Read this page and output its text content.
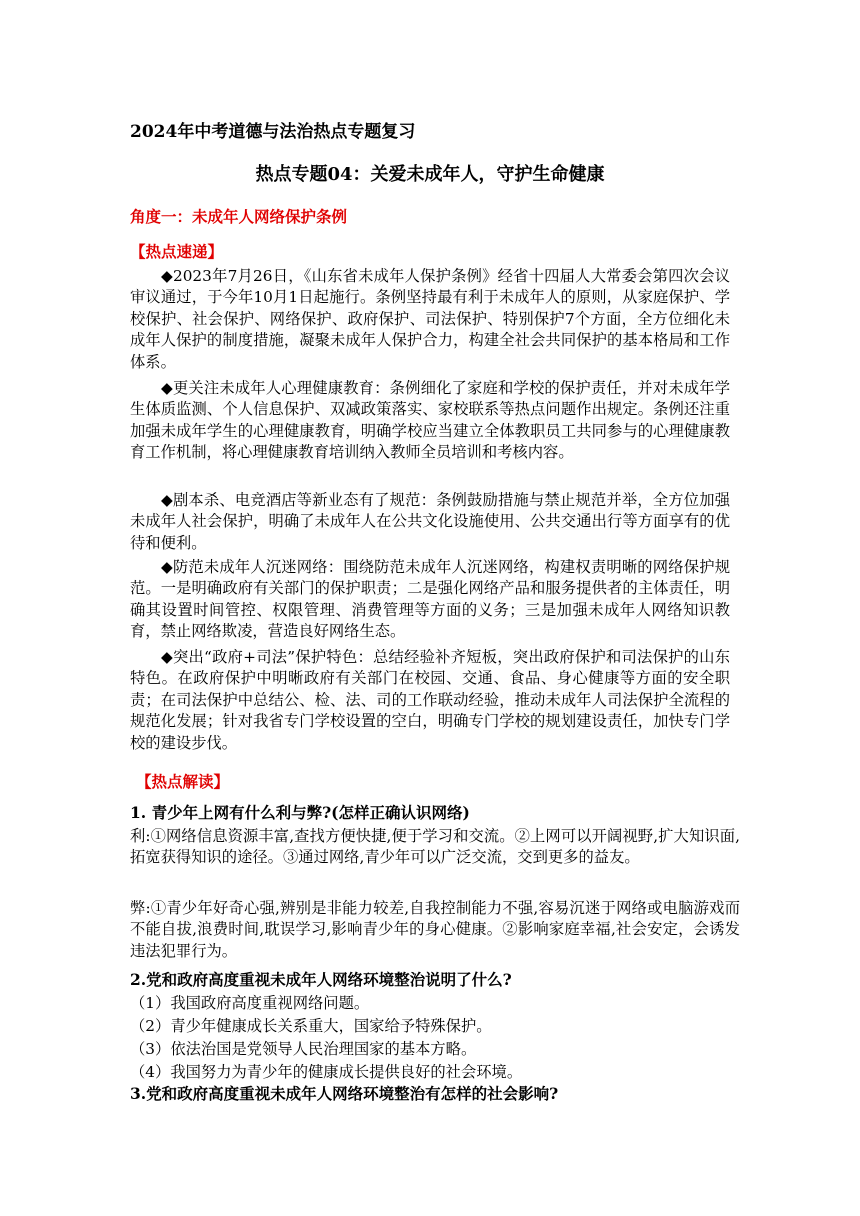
2024年中考道德与法治热点专题复习
热点专题04：关爱未成年人，守护生命健康
角度一：未成年人网络保护条例
【热点速递】
◆2023年7月26日，《山东省未成年人保护条例》经省十四届人大常委会第四次会议审议通过，于今年10月1日起施行。条例坚持最有利于未成年人的原则，从家庭保护、学校保护、社会保护、网络保护、政府保护、司法保护、特别保护7个方面，全方位细化未成年人保护的制度措施，凝聚未成年人保护合力，构建全社会共同保护的基本格局和工作体系。
◆更关注未成年人心理健康教育：条例细化了家庭和学校的保护责任，并对未成年学生体质监测、个人信息保护、双减政策落实、家校联系等热点问题作出规定。条例还注重加强未成年学生的心理健康教育，明确学校应当建立全体教职员工共同参与的心理健康教育工作机制，将心理健康教育培训纳入教师全员培训和考核内容。
◆剧本杀、电竞酒店等新业态有了规范：条例鼓励措施与禁止规范并举，全方位加强未成年人社会保护，明确了未成年人在公共文化设施使用、公共交通出行等方面享有的优待和便利。
◆防范未成年人沉迷网络：围绕防范未成年人沉迷网络，构建权责明晰的网络保护规范。一是明确政府有关部门的保护职责；二是强化网络产品和服务提供者的主体责任，明确其设置时间管控、权限管理、消费管理等方面的义务；三是加强未成年人网络知识教育，禁止网络欺凌，营造良好网络生态。
◆突出“政府+司法”保护特色：总结经验补齐短板，突出政府保护和司法保护的山东特色。在政府保护中明晰政府有关部门在校园、交通、食品、身心健康等方面的安全职责；在司法保护中总结公、检、法、司的工作联动经验，推动未成年人司法保护全流程的规范化发展；针对我省专门学校设置的空白，明确专门学校的规划建设责任，加快专门学校的建设步伐。
【热点解读】
1. 青少年上网有什么利与弊?(怎样正确认识网络)
利:①网络信息资源丰富,查找方便快捷,便于学习和交流。②上网可以开阔视野,扩大知识面,拓宽获得知识的途径。③通过网络,青少年可以广泛交流，交到更多的益友。
弊:①青少年好奇心强,辨别是非能力较差,自我控制能力不强,容易沉迷于网络或电脑游戏而不能自拔,浪费时间,耽误学习,影响青少年的身心健康。②影响家庭幸福,社会安定，会诱发违法犯罪行为。
2.党和政府高度重视未成年人网络环境整治说明了什么?
（1）我国政府高度重视网络问题。
（2）青少年健康成长关系重大，国家给予特殊保护。
（3）依法治国是党领导人民治理国家的基本方略。
（4）我国努力为青少年的健康成长提供良好的社会环境。
3.党和政府高度重视未成年人网络环境整治有怎样的社会影响?
